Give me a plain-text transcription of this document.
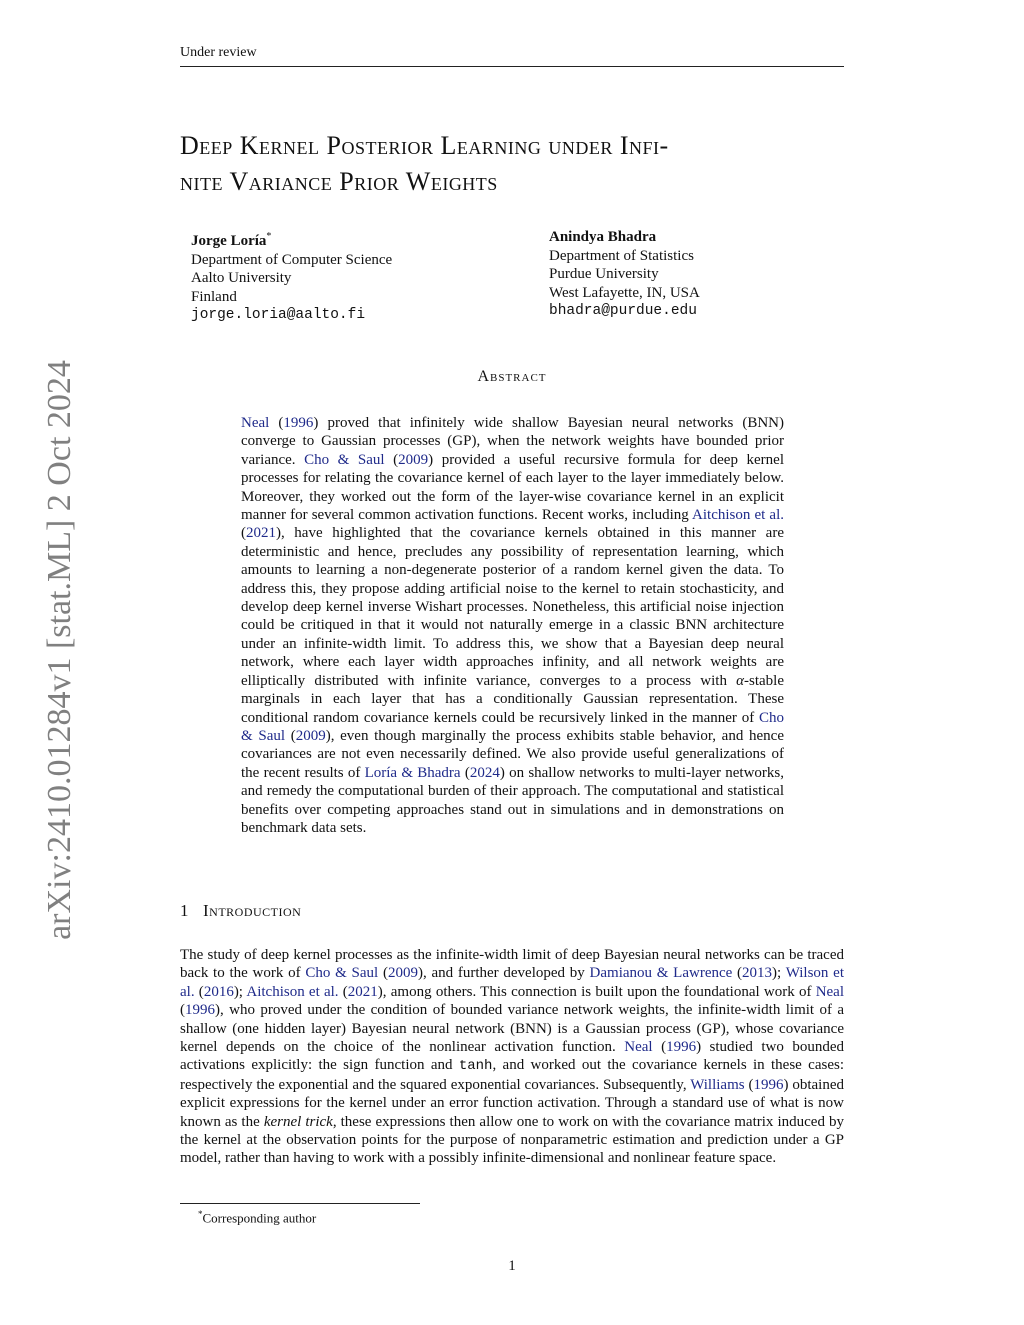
Under review
arXiv:2410.01284v1 [stat.ML] 2 Oct 2024
Deep Kernel Posterior Learning under Infi-
nite Variance Prior Weights
Jorge Loría*
Department of Computer Science
Aalto University
Finland
jorge.loria@aalto.fi
Anindya Bhadra
Department of Statistics
Purdue University
West Lafayette, IN, USA
bhadra@purdue.edu
Abstract
Neal (1996) proved that infinitely wide shallow Bayesian neural networks (BNN) converge to Gaussian processes (GP), when the network weights have bounded prior variance. Cho & Saul (2009) provided a useful recursive formula for deep kernel processes for relating the covariance kernel of each layer to the layer immediately below. Moreover, they worked out the form of the layer-wise covariance kernel in an explicit manner for several common activation functions. Recent works, including Aitchison et al. (2021), have highlighted that the covariance kernels obtained in this manner are deterministic and hence, precludes any possibility of representation learning, which amounts to learning a non-degenerate posterior of a random kernel given the data. To address this, they propose adding artificial noise to the kernel to retain stochasticity, and develop deep kernel inverse Wishart processes. Nonetheless, this artificial noise injection could be critiqued in that it would not naturally emerge in a classic BNN architecture under an infinite-width limit. To address this, we show that a Bayesian deep neural network, where each layer width approaches infinity, and all network weights are elliptically distributed with infinite variance, converges to a process with α-stable marginals in each layer that has a conditionally Gaussian representation. These conditional random covariance kernels could be recursively linked in the manner of Cho & Saul (2009), even though marginally the process exhibits stable behavior, and hence covariances are not even necessarily defined. We also provide useful generalizations of the recent results of Loría & Bhadra (2024) on shallow networks to multi-layer networks, and remedy the computational burden of their approach. The computational and statistical benefits over competing approaches stand out in simulations and in demonstrations on benchmark data sets.
1 Introduction
The study of deep kernel processes as the infinite-width limit of deep Bayesian neural networks can be traced back to the work of Cho & Saul (2009), and further developed by Damianou & Lawrence (2013); Wilson et al. (2016); Aitchison et al. (2021), among others. This connection is built upon the foundational work of Neal (1996), who proved under the condition of bounded variance network weights, the infinite-width limit of a shallow (one hidden layer) Bayesian neural network (BNN) is a Gaussian process (GP), whose covariance kernel depends on the choice of the nonlinear activation function. Neal (1996) studied two bounded activations explicitly: the sign function and tanh, and worked out the covariance kernels in these cases: respectively the exponential and the squared exponential covariances. Subsequently, Williams (1996) obtained explicit expressions for the kernel under an error function activation. Through a standard use of what is now known as the kernel trick, these expressions then allow one to work on with the covariance matrix induced by the kernel at the observation points for the purpose of nonparametric estimation and prediction under a GP model, rather than having to work with a possibly infinite-dimensional and nonlinear feature space.
*Corresponding author
1
